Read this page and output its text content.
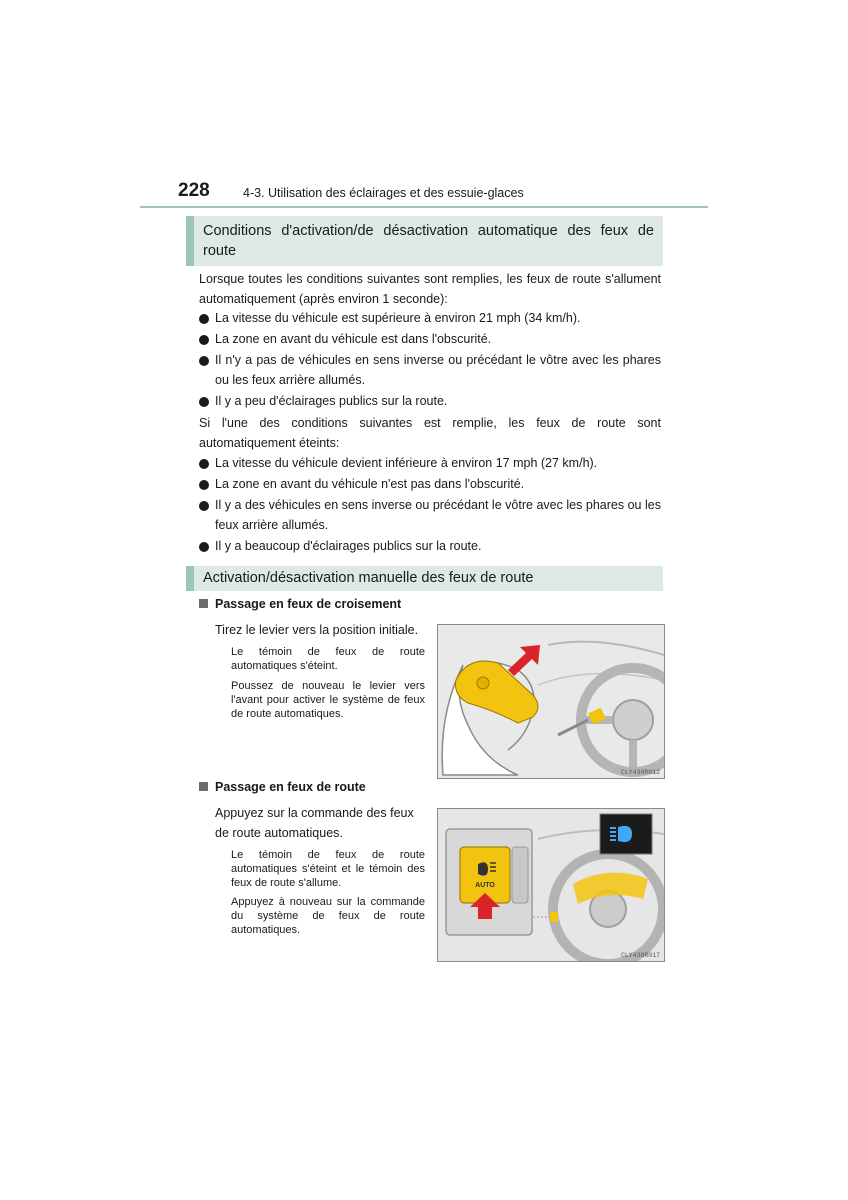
228	4-3. Utilisation des éclairages et des essuie-glaces
Conditions d'activation/de désactivation automatique des feux de route
Lorsque toutes les conditions suivantes sont remplies, les feux de route s'allument automatiquement (après environ 1 seconde):
La vitesse du véhicule est supérieure à environ 21 mph (34 km/h).
La zone en avant du véhicule est dans l'obscurité.
Il n'y a pas de véhicules en sens inverse ou précédant le vôtre avec les phares ou les feux arrière allumés.
Il y a peu d'éclairages publics sur la route.
Si l'une des conditions suivantes est remplie, les feux de route sont automatiquement éteints:
La vitesse du véhicule devient inférieure à environ 17 mph (27 km/h).
La zone en avant du véhicule n'est pas dans l'obscurité.
Il y a des véhicules en sens inverse ou précédant le vôtre avec les phares ou les feux arrière allumés.
Il y a beaucoup d'éclairages publics sur la route.
Activation/désactivation manuelle des feux de route
Passage en feux de croisement
Tirez le levier vers la position initiale.
Le témoin de feux de route automatiques s'éteint.
Poussez de nouveau le levier vers l'avant pour activer le système de feux de route automatiques.
CLY438R012
Passage en feux de route
Appuyez sur la commande des feux de route automatiques.
Le témoin de feux de route automatiques s'éteint et le témoin des feux de route s'allume.
Appuyez à nouveau sur la commande du système de feux de route automatiques.
AUTO
CLY438R017
